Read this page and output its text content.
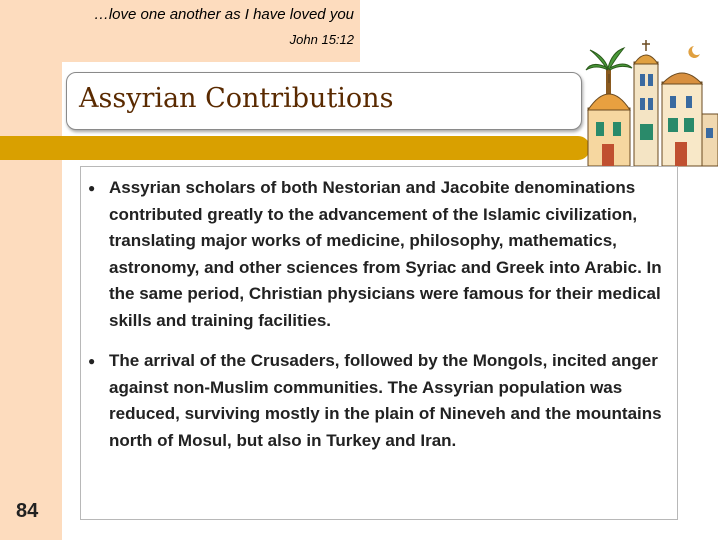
…love one another as I have loved you
John 15:12
Assyrian Contributions
● Assyrian scholars of both Nestorian and Jacobite denominations contributed greatly to the advancement of the Islamic civilization, translating major works of medicine, philosophy, mathematics, astronomy, and other sciences from Syriac and Greek into Arabic. In the same period, Christian physicians were famous for their medical skills and training facilities.
● The arrival of the Crusaders, followed by the Mongols, incited anger against non-Muslim communities. The Assyrian population was reduced, surviving mostly in the plain of Nineveh and the mountains north of Mosul, but also in Turkey and Iran.
84
